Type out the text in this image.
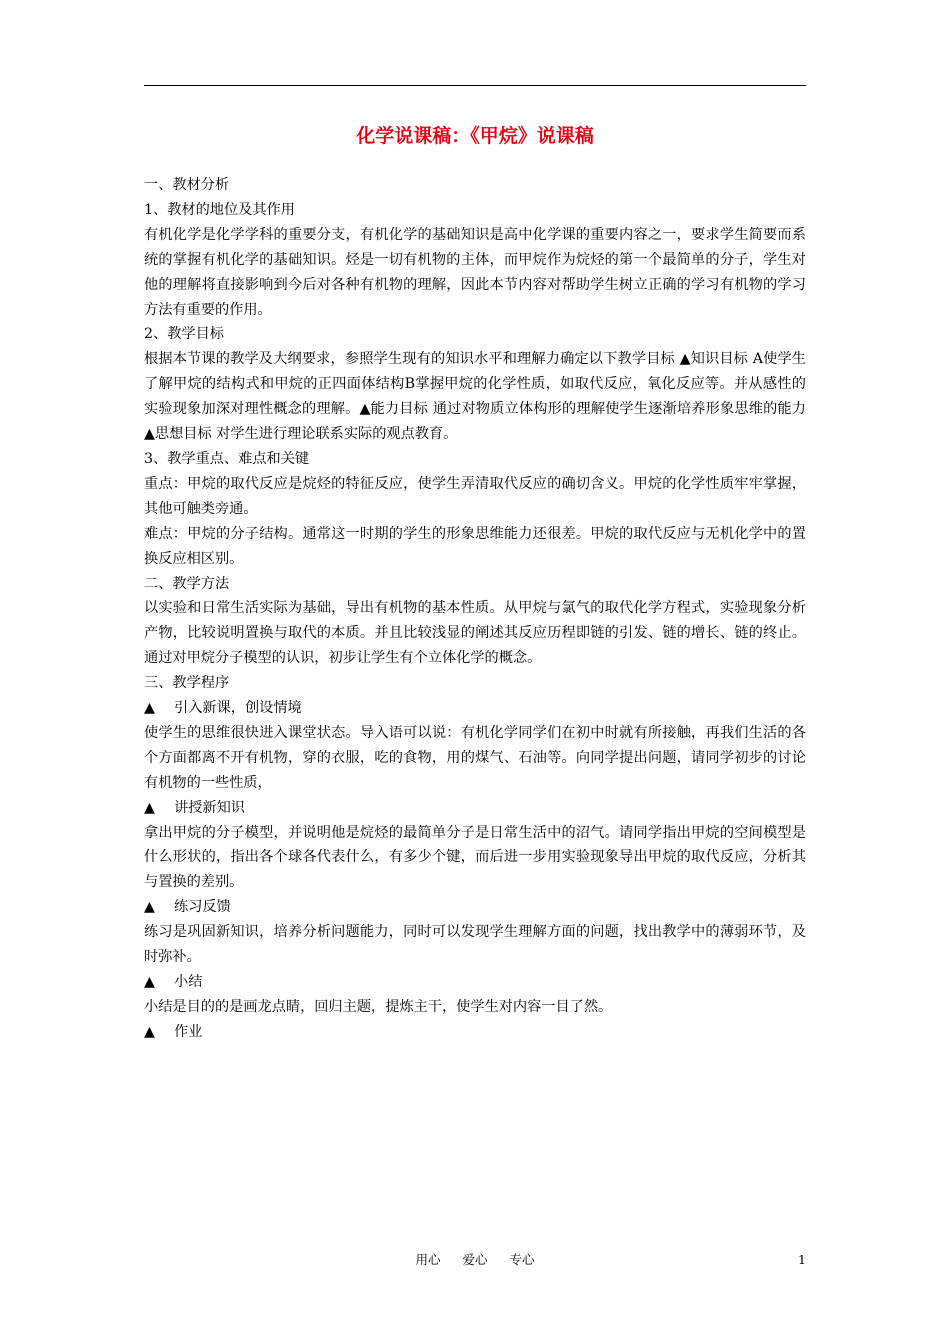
化学说课稿：《甲烷》说课稿

一、教材分析

1、教材的地位及其作用

有机化学是化学学科的重要分支，有机化学的基础知识是高中化学课的重要内容之一，要求学生简要而系统的掌握有机化学的基础知识。烃是一切有机物的主体，而甲烷作为烷烃的第一个最简单的分子，学生对他的理解将直接影响到今后对各种有机物的理解，因此本节内容对帮助学生树立正确的学习有机物的学习方法有重要的作用。

2、教学目标

根据本节课的教学及大纲要求，参照学生现有的知识水平和理解力确定以下教学目标 ▲知识目标 A使学生了解甲烷的结构式和甲烷的正四面体结构B掌握甲烷的化学性质，如取代反应，氧化反应等。并从感性的实验现象加深对理性概念的理解。▲能力目标 通过对物质立体构形的理解使学生逐渐培养形象思维的能力 ▲思想目标 对学生进行理论联系实际的观点教育。

3、教学重点、难点和关键

重点：甲烷的取代反应是烷烃的特征反应，使学生弄清取代反应的确切含义。甲烷的化学性质牢牢掌握，其他可触类旁通。

难点：甲烷的分子结构。通常这一时期的学生的形象思维能力还很差。甲烷的取代反应与无机化学中的置换反应相区别。

二、教学方法

以实验和日常生活实际为基础，导出有机物的基本性质。从甲烷与氯气的取代化学方程式，实验现象分析产物，比较说明置换与取代的本质。并且比较浅显的阐述其反应历程即链的引发、链的增长、链的终止。通过对甲烷分子模型的认识，初步让学生有个立体化学的概念。

三、教学程序

▲ 引入新课，创设情境

使学生的思维很快进入课堂状态。导入语可以说：有机化学同学们在初中时就有所接触，再我们生活的各个方面都离不开有机物，穿的衣服，吃的食物，用的煤气、石油等。向同学提出问题，请同学初步的讨论有机物的一些性质，

▲ 讲授新知识

拿出甲烷的分子模型，并说明他是烷烃的最简单分子是日常生活中的沼气。请同学指出甲烷的空间模型是什么形状的，指出各个球各代表什么，有多少个键，而后进一步用实验现象导出甲烷的取代反应，分析其与置换的差别。

▲ 练习反馈

练习是巩固新知识，培养分析问题能力，同时可以发现学生理解方面的问题，找出教学中的薄弱环节，及时弥补。

▲ 小结

小结是目的的是画龙点睛，回归主题，提炼主干，使学生对内容一目了然。

▲ 作业

用心 爱心 专心	1
